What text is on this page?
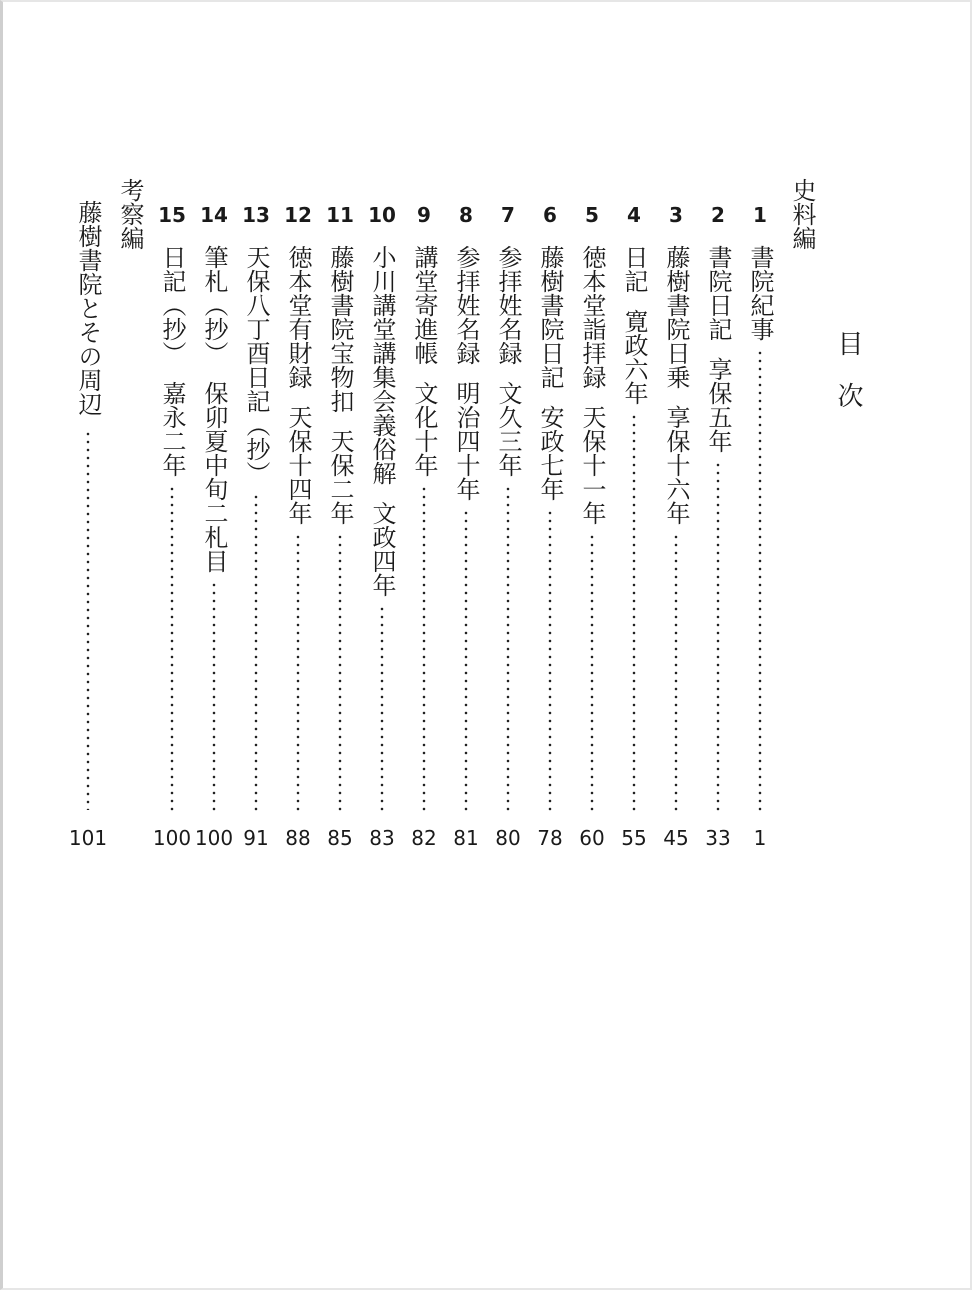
目　次
史料編
考察編	1
書院紀事
1
2
書院日記享保五年
33
3
藤樹書院日乗享保十六年
45
4
日記寛政六年
55
5
徳本堂詣拝録天保十一年
60
6
藤樹書院日記安政七年
78
7
参拝姓名録文久三年
80
8
参拝姓名録明治四十年
81
9
講堂寄進帳文化十年
82
10
小川講堂講集会義俗解文政四年
83
11
藤樹書院宝物扣天保二年
85
12
徳本堂有財録天保十四年
88
13
天保八丁酉日記（抄）
91
14
筆札（抄）保卯夏中旬二札目
100
15
日記（抄）嘉永二年
100
藤樹書院とその周辺
101
